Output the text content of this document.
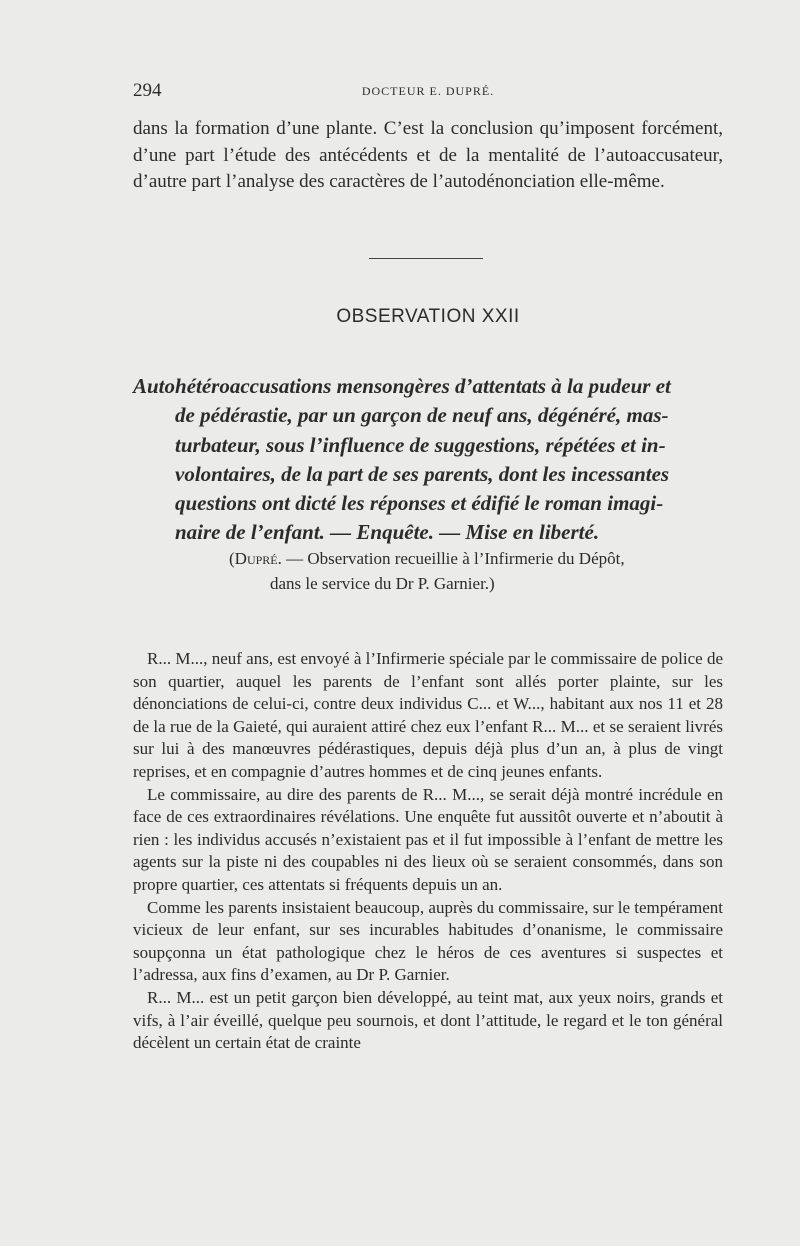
294	DOCTEUR E. DUPRÉ.
dans la formation d’une plante. C’est la conclusion qu’imposent forcément, d’une part l’étude des antécédents et de la mentalité de l’autoaccusateur, d’autre part l’analyse des caractères de l’autodénonciation elle-même.
OBSERVATION XXII
Autohétéroaccusations mensongères d’attentats à la pudeur et
de pédérastie, par un garçon de neuf ans, dégénéré, mas-
turbateur, sous l’influence de suggestions, répétées et in-
volontaires, de la part de ses parents, dont les incessantes
questions ont dicté les réponses et édifié le roman imagi-
naire de l’enfant. — Enquête. — Mise en liberté.
(Dupré. — Observation recueillie à l’Infirmerie du Dépôt,
dans le service du Dr P. Garnier.)

R... M..., neuf ans, est envoyé à l’Infirmerie spéciale par le commissaire de police de son quartier, auquel les parents de l’enfant sont allés porter plainte, sur les dénonciations de celui-ci, contre deux individus C... et W..., habitant aux nos 11 et 28 de la rue de la Gaieté, qui auraient attiré chez eux l’enfant R... M... et se seraient livrés sur lui à des manœuvres pédérastiques, depuis déjà plus d’un an, à plus de vingt reprises, et en compagnie d’autres hommes et de cinq jeunes enfants.

Le commissaire, au dire des parents de R... M..., se serait déjà montré incrédule en face de ces extraordinaires révélations. Une enquête fut aussitôt ouverte et n’aboutit à rien : les individus accusés n’existaient pas et il fut impossible à l’enfant de mettre les agents sur la piste ni des coupables ni des lieux où se seraient consommés, dans son propre quartier, ces attentats si fréquents depuis un an.

Comme les parents insistaient beaucoup, auprès du commissaire, sur le tempérament vicieux de leur enfant, sur ses incurables habitudes d’onanisme, le commissaire soupçonna un état pathologique chez le héros de ces aventures si suspectes et l’adressa, aux fins d’examen, au Dr P. Garnier.

R... M... est un petit garçon bien développé, au teint mat, aux yeux noirs, grands et vifs, à l’air éveillé, quelque peu sournois, et dont l’attitude, le regard et le ton général décèlent un certain état de crainte
